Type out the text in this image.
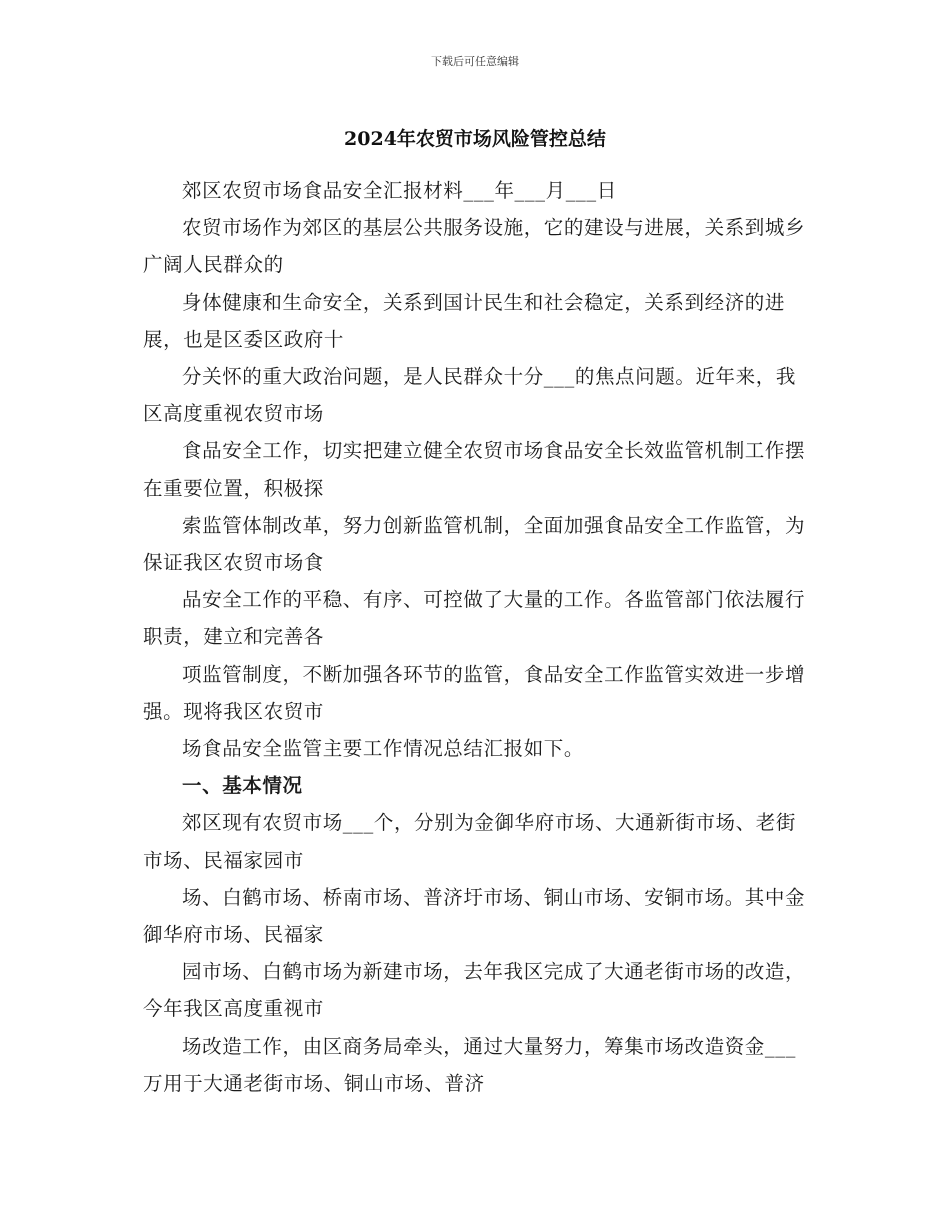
下载后可任意编辑
2024年农贸市场风险管控总结

郊区农贸市场食品安全汇报材料___年___月___日

农贸市场作为郊区的基层公共服务设施，它的建设与进展，关系到城乡广阔人民群众的

身体健康和生命安全，关系到国计民生和社会稳定，关系到经济的进展，也是区委区政府十

分关怀的重大政治问题，是人民群众十分___的焦点问题。近年来，我区高度重视农贸市场

食品安全工作，切实把建立健全农贸市场食品安全长效监管机制工作摆在重要位置，积极探

索监管体制改革，努力创新监管机制，全面加强食品安全工作监管，为保证我区农贸市场食

品安全工作的平稳、有序、可控做了大量的工作。各监管部门依法履行职责，建立和完善各

项监管制度，不断加强各环节的监管，食品安全工作监管实效进一步增强。现将我区农贸市

场食品安全监管主要工作情况总结汇报如下。

一、基本情况

郊区现有农贸市场___个，分别为金御华府市场、大通新街市场、老街市场、民福家园市

场、白鹤市场、桥南市场、普济圩市场、铜山市场、安铜市场。其中金御华府市场、民福家

园市场、白鹤市场为新建市场，去年我区完成了大通老街市场的改造，今年我区高度重视市

场改造工作，由区商务局牵头，通过大量努力，筹集市场改造资金___万用于大通老街市场、铜山市场、普济
